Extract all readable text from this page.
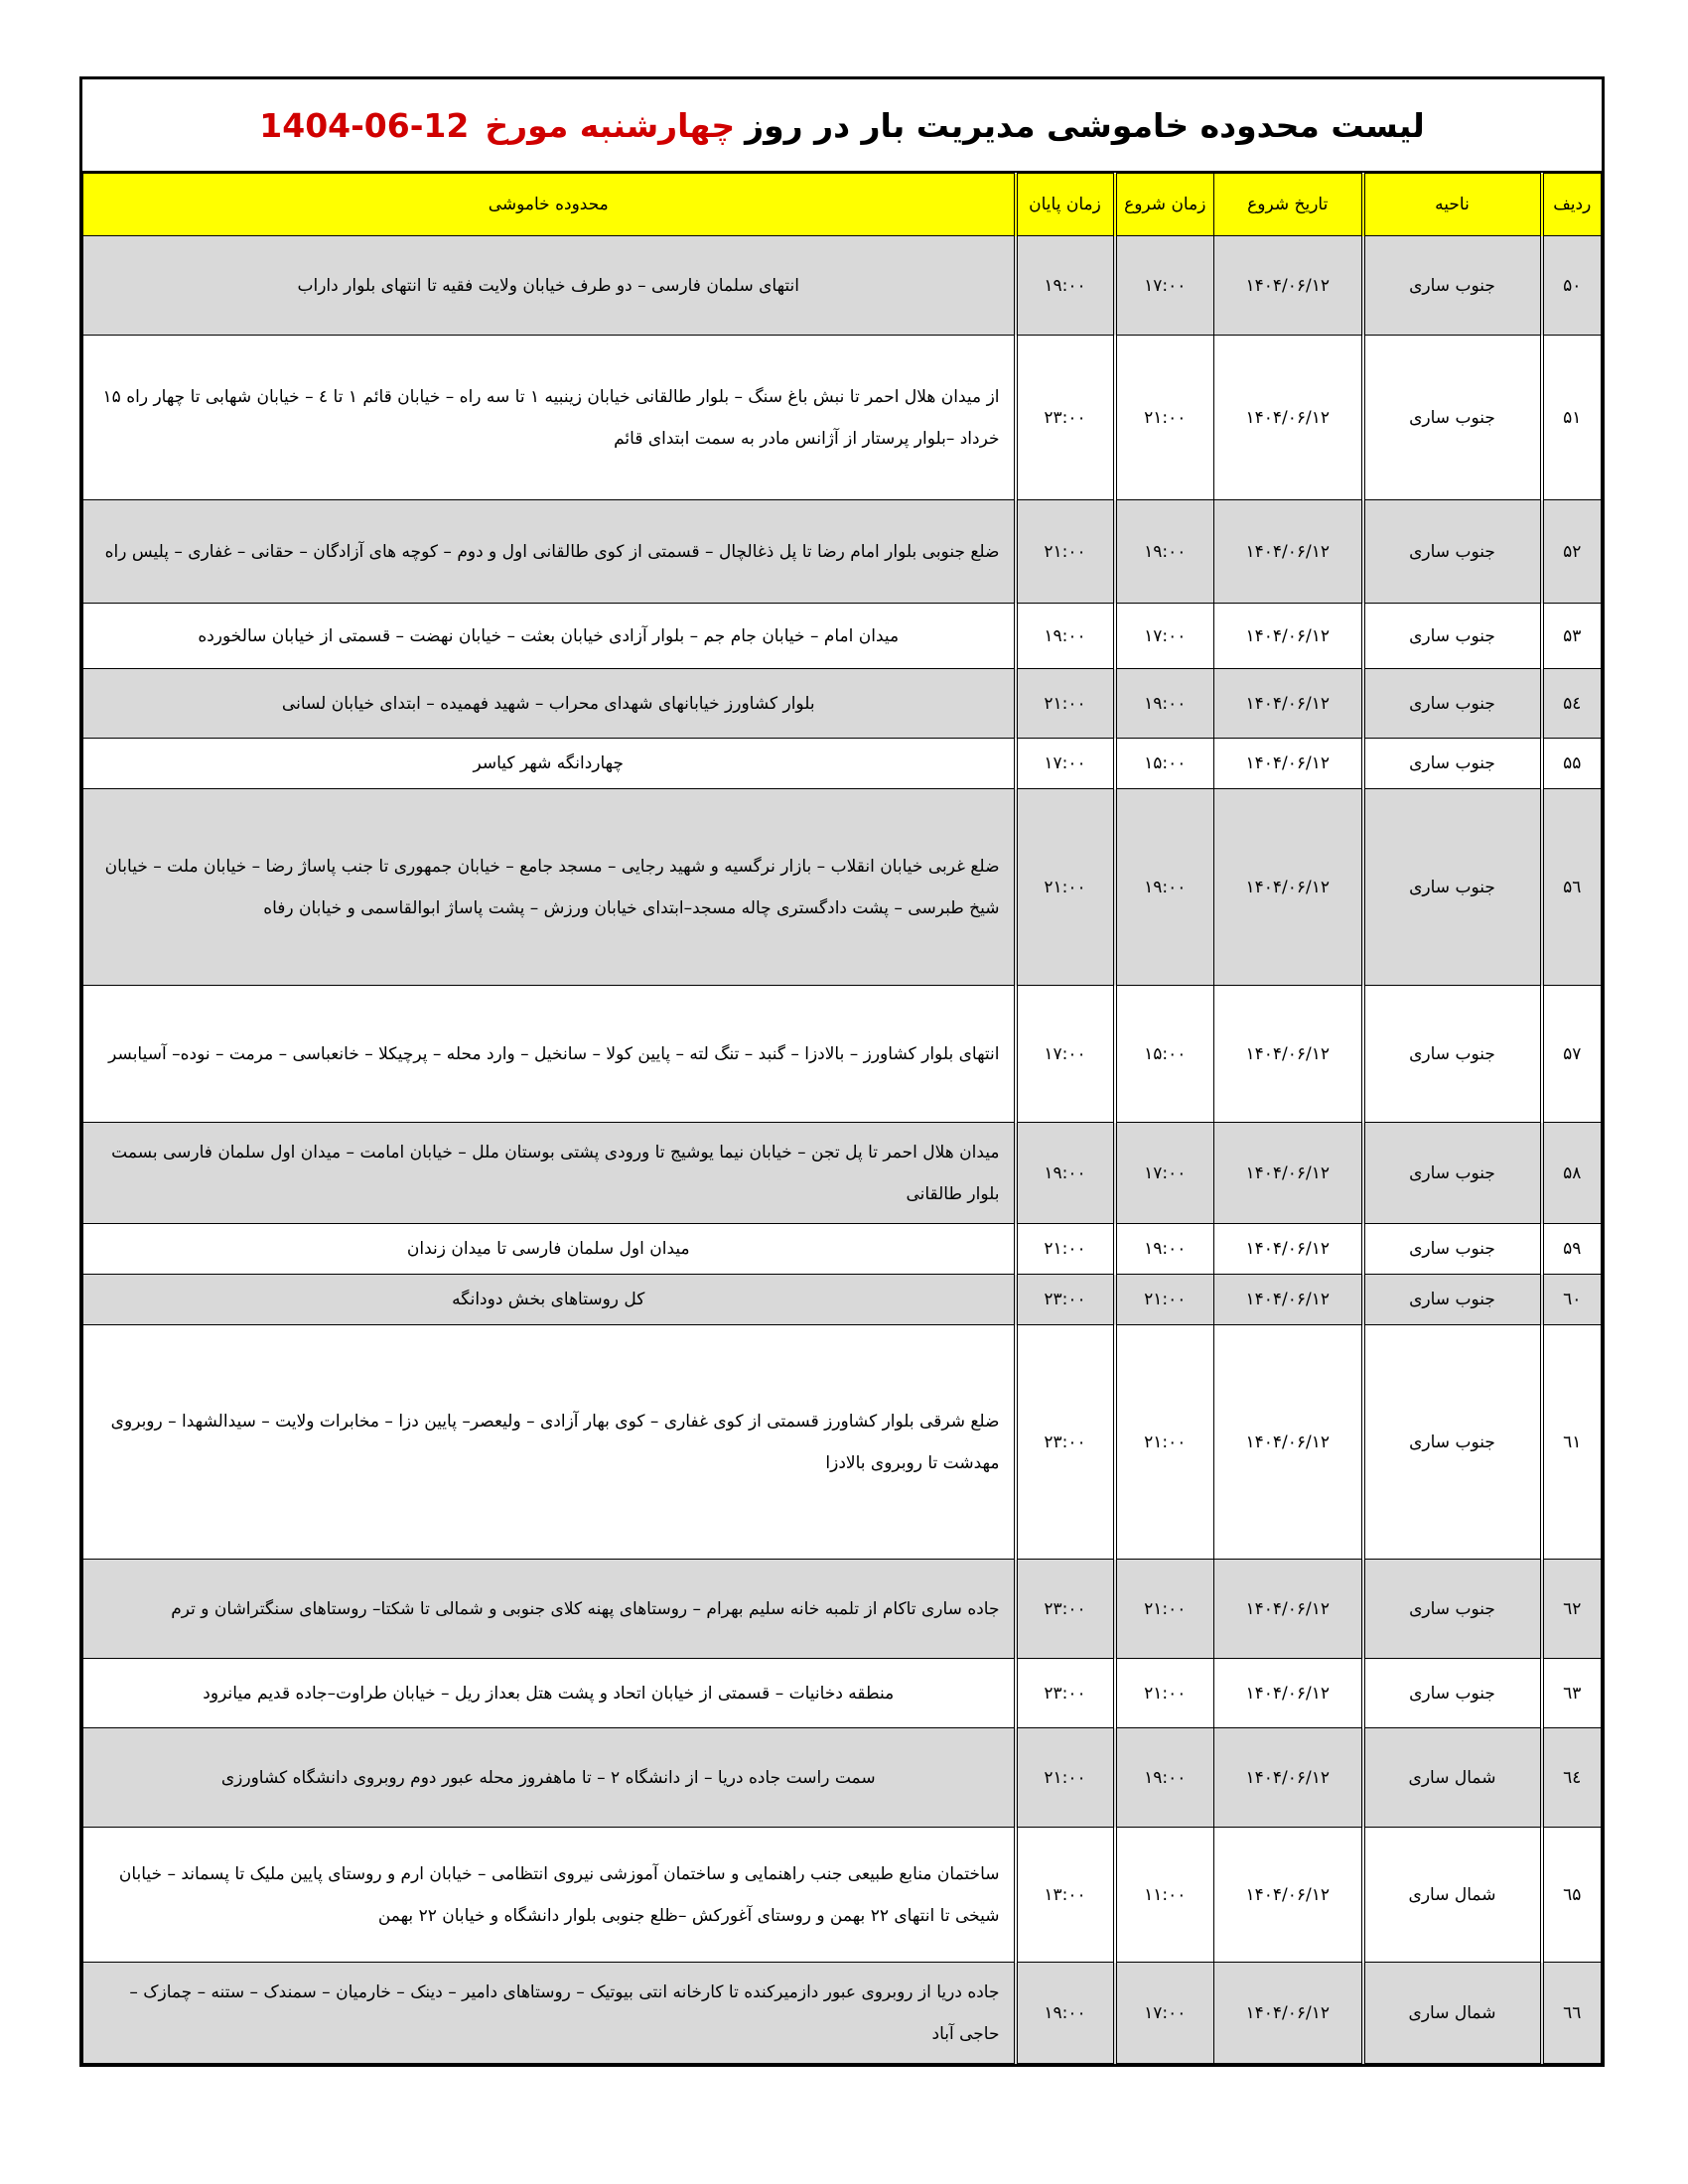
لیست محدوده خاموشی مدیریت بار در روز
چهارشنبه مورخ
1404-06-12
ردیف	ناحیه	تاریخ شروع	زمان شروع	زمان پایان	محدوده خاموشی
۵۰	جنوب ساری	۱۴۰۴/۰۶/۱۲	۱۷:۰۰	۱۹:۰۰	انتهای سلمان فارسی – دو طرف خیابان ولایت فقیه تا انتهای بلوار داراب
۵۱	جنوب ساری	۱۴۰۴/۰۶/۱۲	۲۱:۰۰	۲۳:۰۰	از میدان هلال احمر تا نبش باغ سنگ – بلوار طالقانی خیابان زینبیه ۱ تا سه راه – خیابان قائم ۱ تا ٤ – خیابان شهابی تا چهار راه ۱۵ خرداد –بلوار پرستار از آژانس مادر به سمت ابتدای قائم
۵۲	جنوب ساری	۱۴۰۴/۰۶/۱۲	۱۹:۰۰	۲۱:۰۰	ضلع جنوبی بلوار امام رضا تا پل ذغالچال – قسمتی از کوی طالقانی اول و دوم – کوچه های آزادگان – حقانی – غفاری – پلیس راه
۵۳	جنوب ساری	۱۴۰۴/۰۶/۱۲	۱۷:۰۰	۱۹:۰۰	میدان امام – خیابان جام جم – بلوار آزادی خیابان بعثت – خیابان نهضت – قسمتی از خیابان سالخورده
۵٤	جنوب ساری	۱۴۰۴/۰۶/۱۲	۱۹:۰۰	۲۱:۰۰	بلوار کشاورز خیابانهای شهدای محراب – شهید فهمیده – ابتدای خیابان لسانی
۵۵	جنوب ساری	۱۴۰۴/۰۶/۱۲	۱۵:۰۰	۱۷:۰۰	چهاردانگه شهر کیاسر
۵٦	جنوب ساری	۱۴۰۴/۰۶/۱۲	۱۹:۰۰	۲۱:۰۰	ضلع غربی خیابان انقلاب – بازار نرگسیه و شهید رجایی – مسجد جامع – خیابان جمهوری تا جنب پاساژ رضا – خیابان ملت – خیابان شیخ طبرسی – پشت دادگستری چاله مسجد–ابتدای خیابان ورزش – پشت پاساژ ابوالقاسمی و خیابان رفاه
۵۷	جنوب ساری	۱۴۰۴/۰۶/۱۲	۱۵:۰۰	۱۷:۰۰	انتهای بلوار کشاورز – بالادزا – گنبد – تنگ لته – پایین کولا – سانخیل – وارد محله – پرچیکلا – خانعباسی – مرمت – نوده– آسیابسر
۵۸	جنوب ساری	۱۴۰۴/۰۶/۱۲	۱۷:۰۰	۱۹:۰۰	میدان هلال احمر تا پل تجن – خیابان نیما یوشیج تا ورودی پشتی بوستان ملل – خیابان امامت – میدان اول سلمان فارسی بسمت بلوار طالقانی
۵۹	جنوب ساری	۱۴۰۴/۰۶/۱۲	۱۹:۰۰	۲۱:۰۰	میدان اول سلمان فارسی تا میدان زندان
٦۰	جنوب ساری	۱۴۰۴/۰۶/۱۲	۲۱:۰۰	۲۳:۰۰	کل روستاهای بخش دودانگه
٦۱	جنوب ساری	۱۴۰۴/۰۶/۱۲	۲۱:۰۰	۲۳:۰۰	ضلع شرقی بلوار کشاورز قسمتی از کوی غفاری – کوی بهار آزادی – ولیعصر– پایین دزا – مخابرات ولایت – سیدالشهدا – روبروی مهدشت تا روبروی بالادزا
٦۲	جنوب ساری	۱۴۰۴/۰۶/۱۲	۲۱:۰۰	۲۳:۰۰	جاده ساری تاکام از تلمبه خانه سلیم بهرام – روستاهای پهنه کلای جنوبی و شمالی تا شکتا– روستاهای سنگتراشان و ترم
٦۳	جنوب ساری	۱۴۰۴/۰۶/۱۲	۲۱:۰۰	۲۳:۰۰	منطقه دخانیات – قسمتی از خیابان اتحاد و پشت هتل بعداز ریل – خیابان طراوت–جاده قدیم میانرود
٦٤	شمال ساری	۱۴۰۴/۰۶/۱۲	۱۹:۰۰	۲۱:۰۰	سمت راست جاده دریا – از دانشگاه ۲ – تا ماهفروز محله عبور دوم روبروی دانشگاه کشاورزی
٦۵	شمال ساری	۱۴۰۴/۰۶/۱۲	۱۱:۰۰	۱۳:۰۰	ساختمان منابع طبیعی جنب راهنمایی و ساختمان آموزشی نیروی انتظامی – خیابان ارم و روستای پایین ملیک تا پسماند – خیابان شیخی تا انتهای ۲۲ بهمن و روستای آغورکش –ظلع جنوبی بلوار دانشگاه و خیابان ۲۲ بهمن
٦٦	شمال ساری	۱۴۰۴/۰۶/۱۲	۱۷:۰۰	۱۹:۰۰	جاده دریا از روبروی عبور دازمیرکنده تا کارخانه انتی بیوتیک – روستاهای دامیر – دینک – خارمیان – سمندک – ستنه – چمازک – حاجی آباد
